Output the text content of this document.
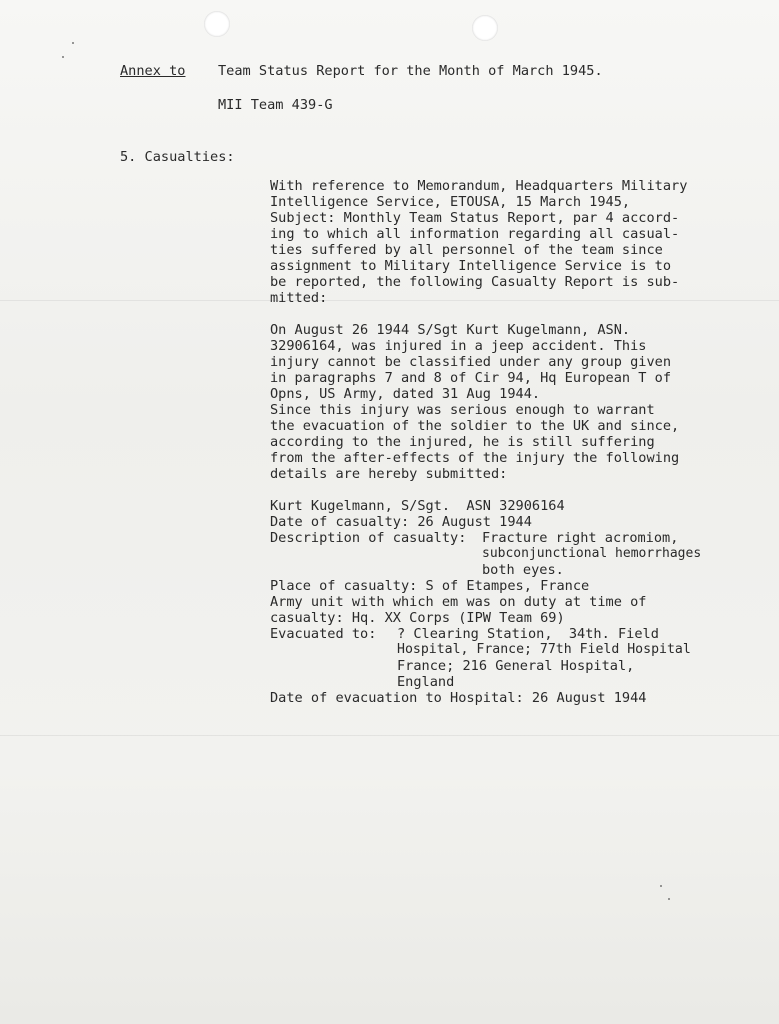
Annex to Team Status Report for the Month of March 1945.
MII Team 439-G
5. Casualties:
With reference to Memorandum, Headquarters Military
Intelligence Service, ETOUSA, 15 March 1945,
Subject: Monthly Team Status Report, par 4 accord-
ing to which all information regarding all casual-
ties suffered by all personnel of the team since
assignment to Military Intelligence Service is to
be reported, the following Casualty Report is sub-
mitted:
On August 26 1944 S/Sgt Kurt Kugelmann, ASN.
32906164, was injured in a jeep accident. This
injury cannot be classified under any group given
in paragraphs 7 and 8 of Cir 94, Hq European T of
Opns, US Army, dated 31 Aug 1944.
Since this injury was serious enough to warrant
the evacuation of the soldier to the UK and since,
according to the injured, he is still suffering
from the after-effects of the injury the following
details are hereby submitted:
Kurt Kugelmann, S/Sgt.  ASN 32906164
Date of casualty: 26 August 1944
Description of casualty: Fracture right acromiom,
subconjunctional hemorrhages
both eyes.
Place of casualty: S of Etampes, France
Army unit with which em was on duty at time of
casualty: Hq. XX Corps (IPW Team 69)
Evacuated to: ? Clearing Station,  34th. Field
Hospital, France; 77th Field Hospital
France; 216 General Hospital,
England
Date of evacuation to Hospital: 26 August 1944
